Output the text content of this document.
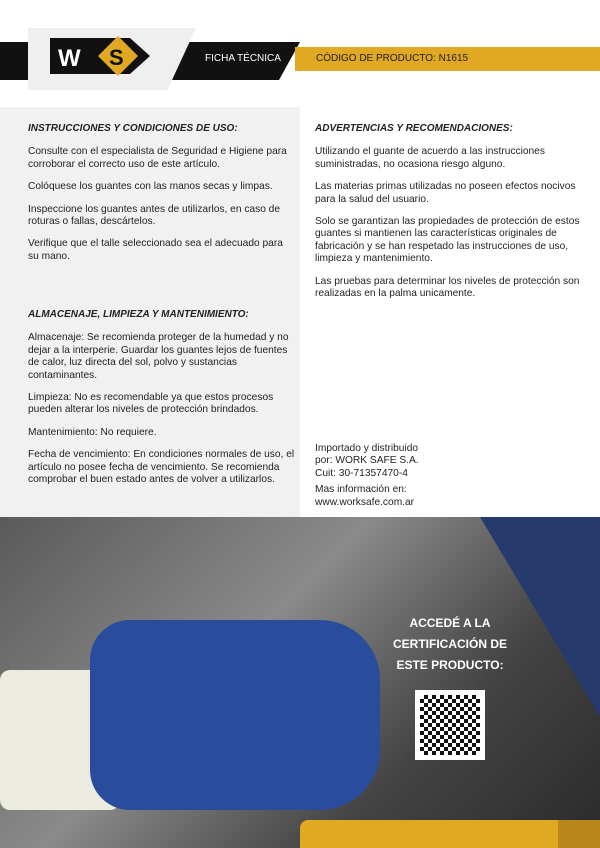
W S	FICHA TÉCNICA	CÓDIGO DE PRODUCTO: N1615
INSTRUCCIONES Y CONDICIONES DE USO:

Consulte con el especialista de Seguridad e Higiene para corroborar el correcto uso de este artículo.

Colóquese los guantes con las manos secas y limpas.

Inspeccione los guantes antes de utilizarlos, en caso de roturas o fallas, descártelos.

Verifique que el talle seleccionado sea el adecuado para su mano.

ALMACENAJE, LIMPIEZA Y MANTENIMIENTO:

Almacenaje: Se recomienda proteger de la humedad y no dejar a la interperie. Guardar los guantes lejos de fuentes de calor, luz directa del sol, polvo y sustancias contaminantes.

Limpieza: No es recomendable ya que estos procesos pueden alterar los niveles de protección brindados.

Mantenimiento: No requiere.

Fecha de vencimiento: En condiciones normales de uso, el artículo no posee fecha de vencimiento. Se recomienda comprobar el buen estado antes de volver a utilizarlos.

ADVERTENCIAS Y RECOMENDACIONES:

Utilizando el guante de acuerdo a las instrucciones suministradas, no ocasiona riesgo alguno.

Las materias primas utilizadas no poseen efectos nocivos para la salud del usuario.

Solo se garantizan las propiedades de protección de estos guantes si mantienen las características originales de fabricación y se han respetado las instrucciones de uso, limpieza y mantenimiento.

Las pruebas para determinar los niveles de protección son realizadas en la palma unicamente.

Importado y distribuido
por: WORK SAFE S.A.
Cuit: 30-71357470-4
Mas información en:
www.worksafe.com.ar
ACCEDÉ A LA
CERTIFICACIÓN DE
ESTE PRODUCTO:
